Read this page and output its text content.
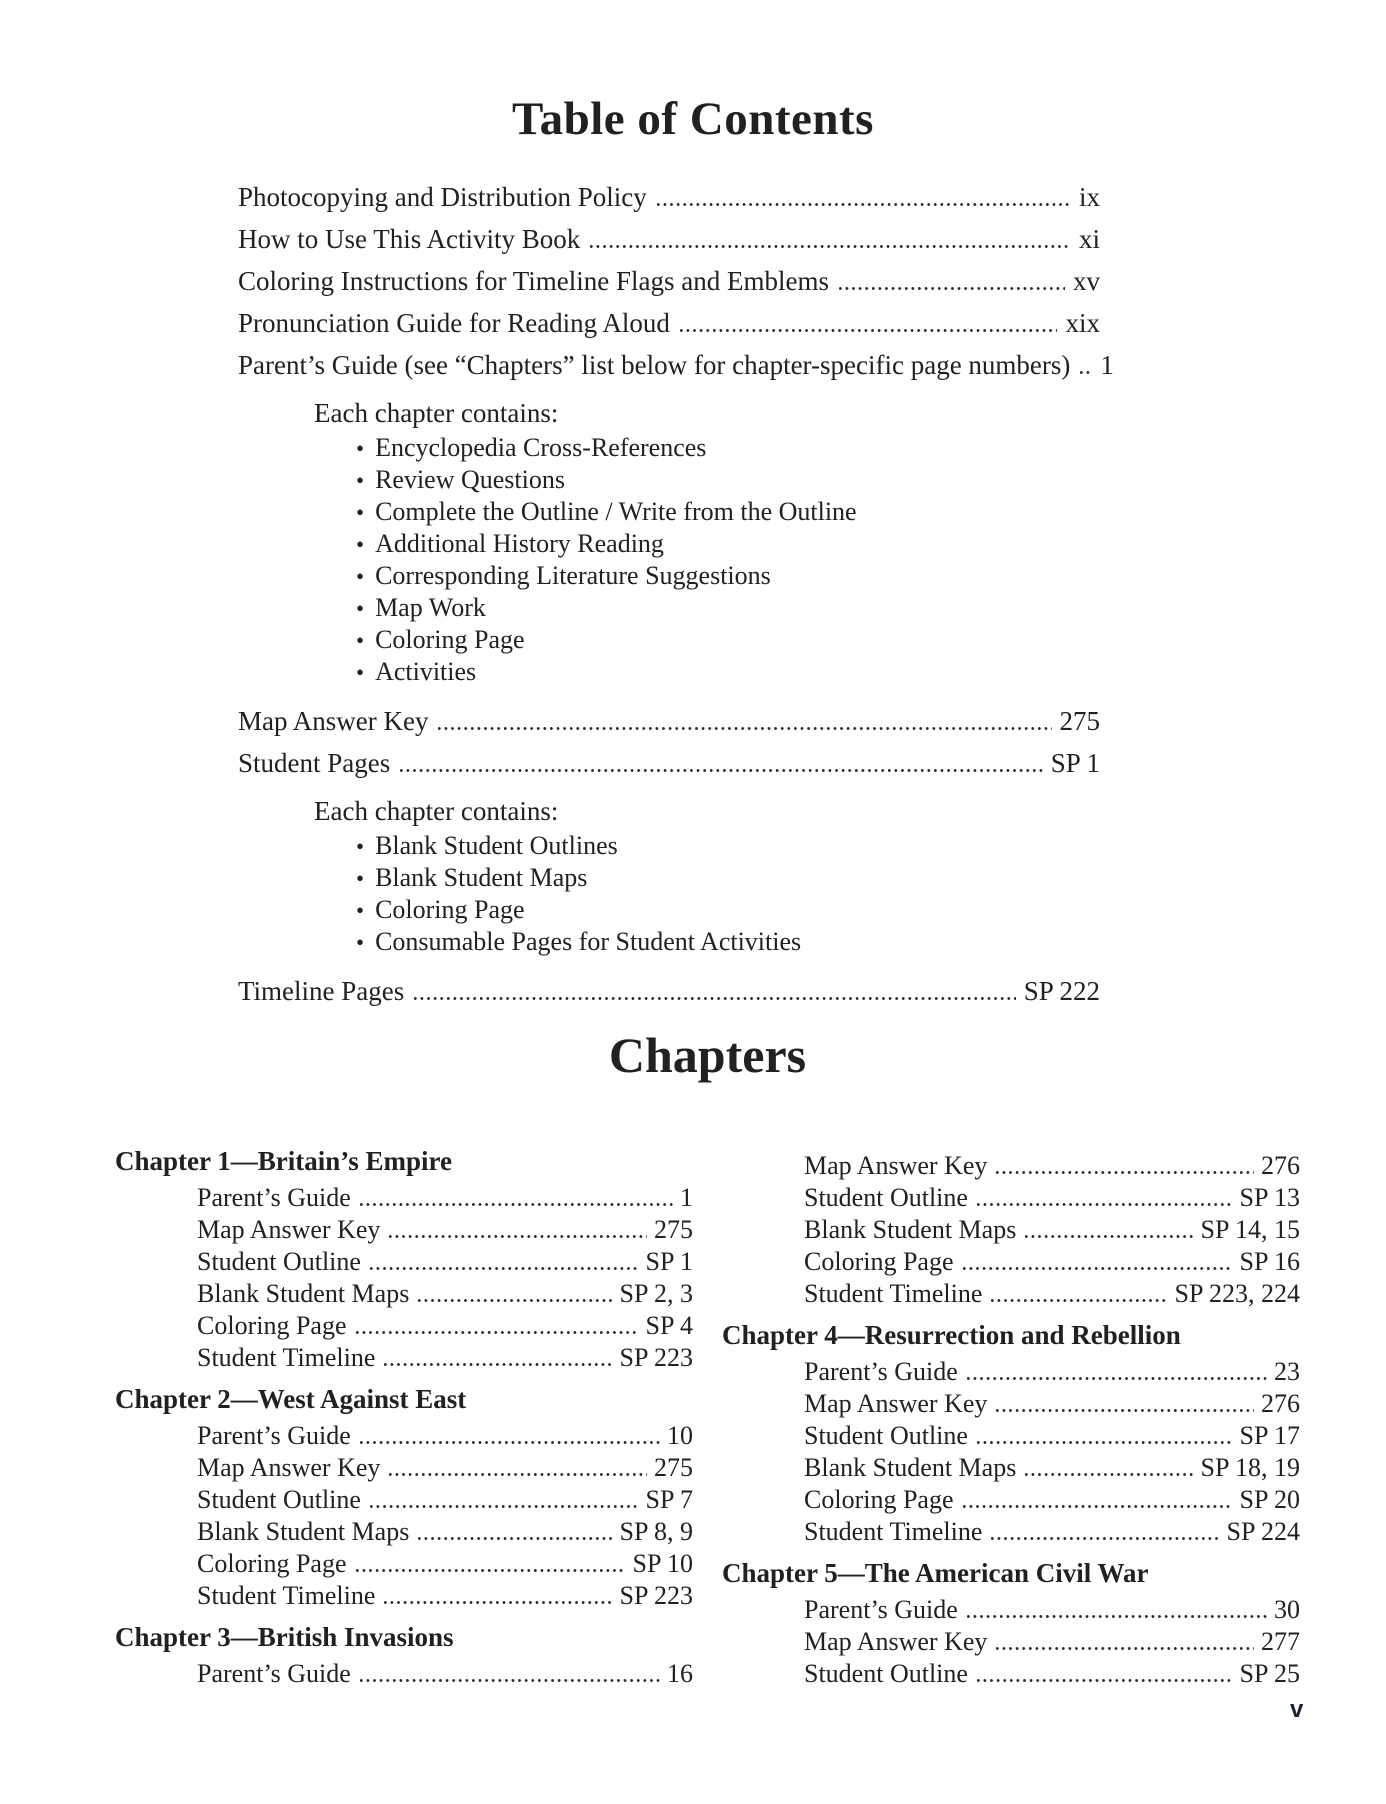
Table of Contents
Photocopying and Distribution Policy	ix
How to Use This Activity Book	xi
Coloring Instructions for Timeline Flags and Emblems	xv
Pronunciation Guide for Reading Aloud	xix
Parent’s Guide (see “Chapters” list below for chapter-specific page numbers) 1
Each chapter contains:
• Encyclopedia Cross-References
• Review Questions
• Complete the Outline / Write from the Outline
• Additional History Reading
• Corresponding Literature Suggestions
• Map Work
• Coloring Page
• Activities
Map Answer Key	275
Student Pages	SP 1
Each chapter contains:
• Blank Student Outlines
• Blank Student Maps
• Coloring Page
• Consumable Pages for Student Activities
Timeline Pages	SP 222
Chapters
Chapter 1—Britain’s Empire
Parent’s Guide	1
Map Answer Key	275
Student Outline	SP 1
Blank Student Maps	SP 2, 3
Coloring Page	SP 4
Student Timeline	SP 223
Chapter 2—West Against East
Parent’s Guide	10
Map Answer Key	275
Student Outline	SP 7
Blank Student Maps	SP 8, 9
Coloring Page	SP 10
Student Timeline	SP 223
Chapter 3—British Invasions
Parent’s Guide	16
Map Answer Key	276
Student Outline	SP 13
Blank Student Maps	SP 14, 15
Coloring Page	SP 16
Student Timeline	SP 223, 224
Chapter 4—Resurrection and Rebellion
Parent’s Guide	23
Map Answer Key	276
Student Outline	SP 17
Blank Student Maps	SP 18, 19
Coloring Page	SP 20
Student Timeline	SP 224
Chapter 5—The American Civil War
Parent’s Guide	30
Map Answer Key	277
Student Outline	SP 25
v
